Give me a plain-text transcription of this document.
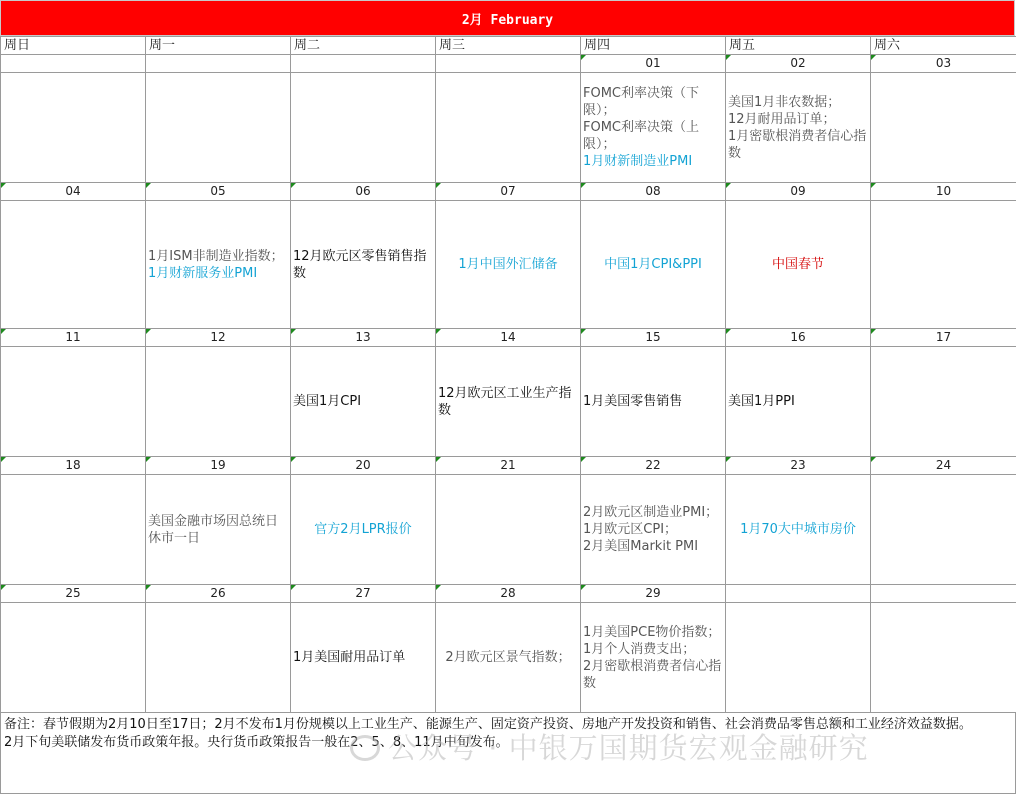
2月 February
周日	周一	周二	周三	周四	周五	周六
				01	02	03

				FOMC利率决策（下限）；
FOMC利率决策（上限）；
1月财新制造业PMI	美国1月非农数据；
12月耐用品订单；
1月密歇根消费者信心指数	

04	05	06	07	08	09	10

	1月ISM非制造业指数；
1月财新服务业PMI	12月欧元区零售销售指数	1月中国外汇储备	中国1月CPI&PPI	中国春节	

11	12	13	14	15	16	17

		美国1月CPI	12月欧元区工业生产指数	1月美国零售销售	美国1月PPI	

18	19	20	21	22	23	24

	美国金融市场因总统日休市一日	官方2月LPR报价		2月欧元区制造业PMI；
1月欧元区CPI；
2月美国Markit PMI	1月70大中城市房价	

25	26	27	28	29

		1月美国耐用品订单	2月欧元区景气指数；	1月美国PCE物价指数；
1月个人消费支出；
2月密歇根消费者信心指数		

备注：春节假期为2月10日至17日；2月不发布1月份规模以上工业生产、能源生产、固定资产投资、房地产开发投资和销售、社会消费品零售总额和工业经济效益数据。
2月下旬美联储发布货币政策年报。央行货币政策报告一般在2、5、8、11月中旬发布。
公众号 · 中银万国期货宏观金融研究
